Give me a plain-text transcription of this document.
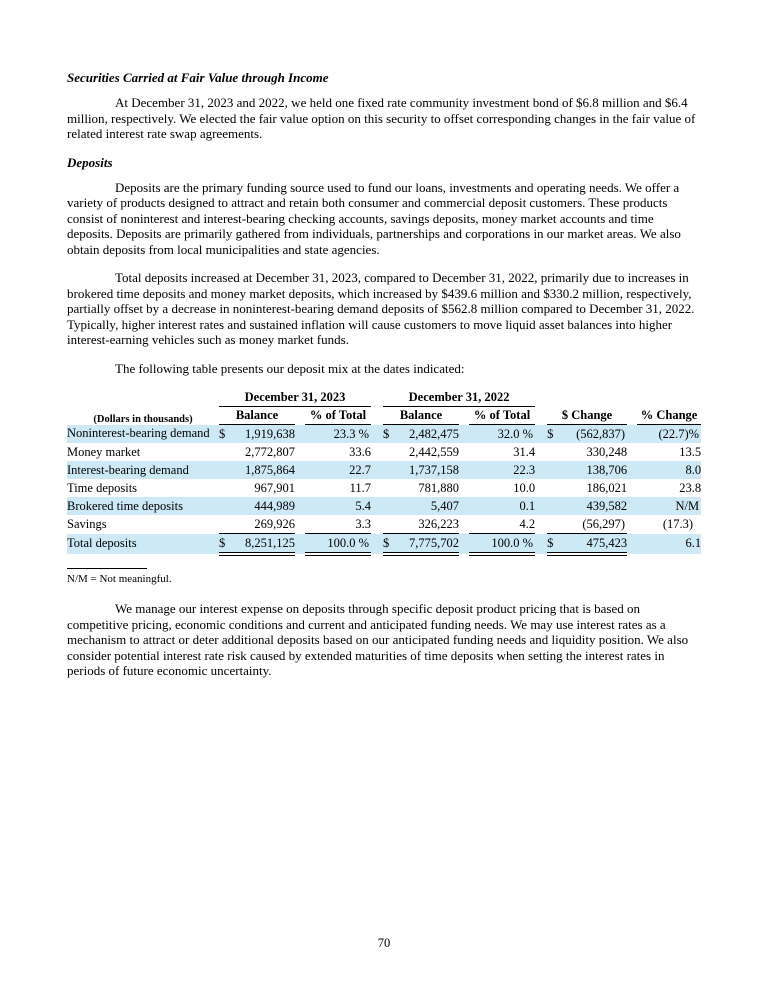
Securities Carried at Fair Value through Income

At December 31, 2023 and 2022, we held one fixed rate community investment bond of $6.8 million and $6.4 million, respectively. We elected the fair value option on this security to offset corresponding changes in the fair value of related interest rate swap agreements.

Deposits

Deposits are the primary funding source used to fund our loans, investments and operating needs. We offer a variety of products designed to attract and retain both consumer and commercial deposit customers. These products consist of noninterest and interest-bearing checking accounts, savings deposits, money market accounts and time deposits. Deposits are primarily gathered from individuals, partnerships and corporations in our market areas. We also obtain deposits from local municipalities and state agencies.

Total deposits increased at December 31, 2023, compared to December 31, 2022, primarily due to increases in brokered time deposits and money market deposits, which increased by $439.6 million and $330.2 million, respectively, partially offset by a decrease in noninterest-bearing demand deposits of $562.8 million compared to December 31, 2022. Typically, higher interest rates and sustained inflation will cause customers to move liquid asset balances into higher interest-earning vehicles such as money market funds.

The following table presents our deposit mix at the dates indicated:

	December 31, 2023					December 31, 2022								
(Dollars in thousands)	Balance			% of Total		Balance			% of Total		$ Change			% Change
Noninterest-bearing demand	$	1,919,638		23.3 %		$	2,482,475		32.0 %		$	(562,837)		(22.7)%
Money market		2,772,807		33.6			2,442,559		31.4			330,248		13.5
Interest-bearing demand		1,875,864		22.7			1,737,158		22.3			138,706		8.0
Time deposits		967,901		11.7			781,880		10.0			186,021		23.8
Brokered time deposits		444,989		5.4			5,407		0.1			439,582		N/M
Savings		269,926		3.3			326,223		4.2			(56,297)		(17.3)
Total deposits	$	8,251,125		100.0 %		$	7,775,702		100.0 %		$	475,423		6.1

N/M = Not meaningful.

We manage our interest expense on deposits through specific deposit product pricing that is based on competitive pricing, economic conditions and current and anticipated funding needs. We may use interest rates as a mechanism to attract or deter additional deposits based on our anticipated funding needs and liquidity position. We also consider potential interest rate risk caused by extended maturities of time deposits when setting the interest rates in periods of future economic uncertainty.

70
